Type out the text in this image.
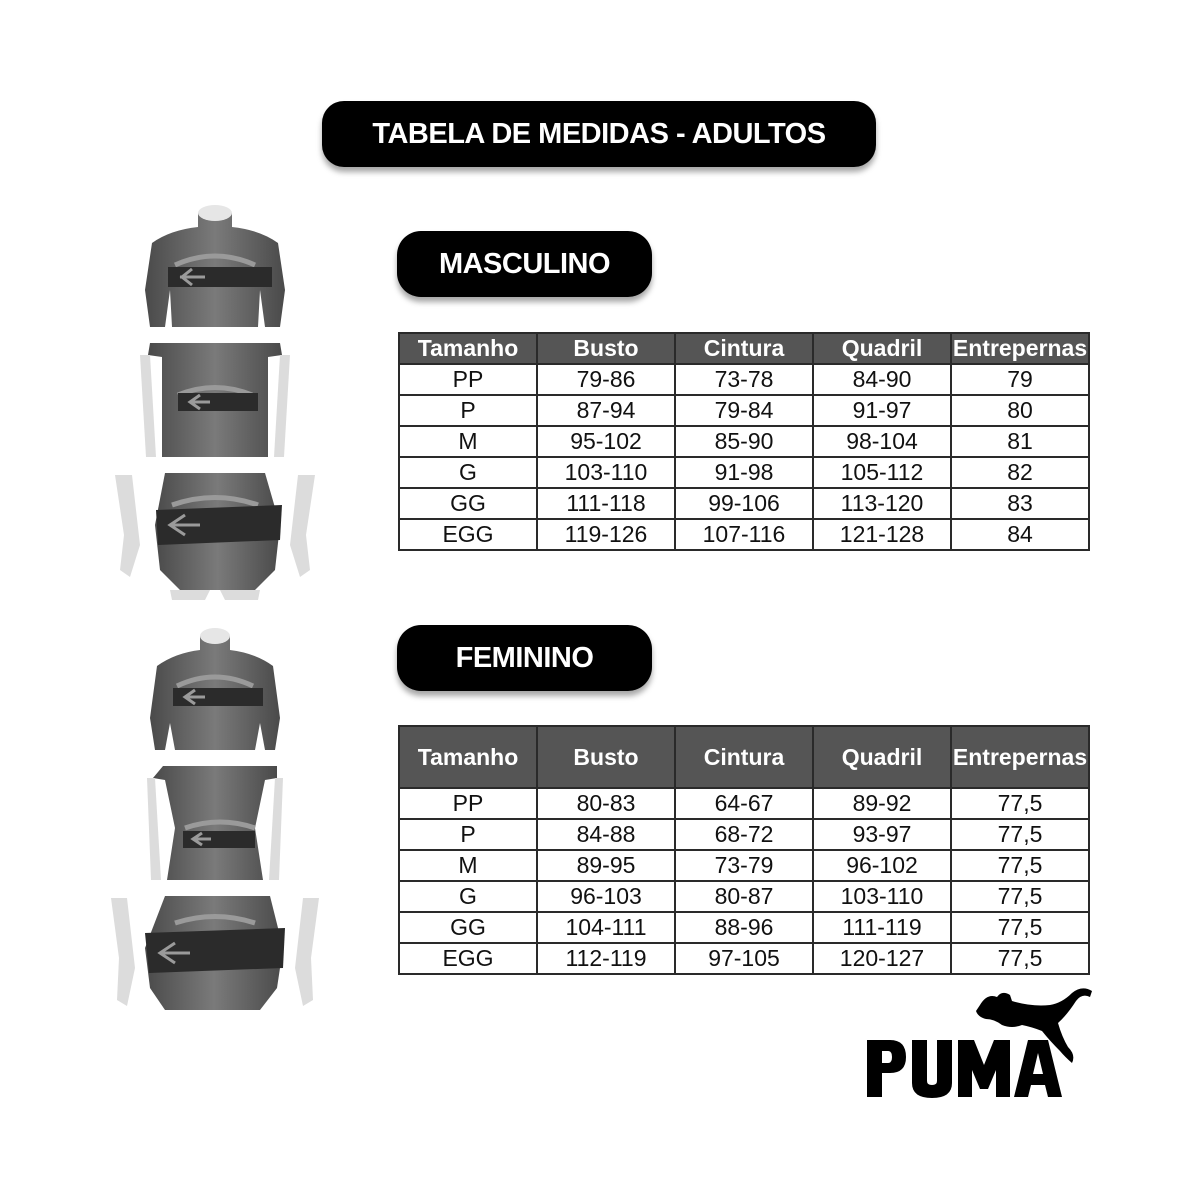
TABELA DE MEDIDAS - ADULTOS
MASCULINO
Tamanho	Busto	Cintura	Quadril	Entrepernas
PP	79-86	73-78	84-90	79
P	87-94	79-84	91-97	80
M	95-102	85-90	98-104	81
G	103-110	91-98	105-112	82
GG	111-118	99-106	113-120	83
EGG	119-126	107-116	121-128	84
FEMININO
Tamanho	Busto	Cintura	Quadril	Entrepernas
PP	80-83	64-67	89-92	77,5
P	84-88	68-72	93-97	77,5
M	89-95	73-79	96-102	77,5
G	96-103	80-87	103-110	77,5
GG	104-111	88-96	111-119	77,5
EGG	112-119	97-105	120-127	77,5
